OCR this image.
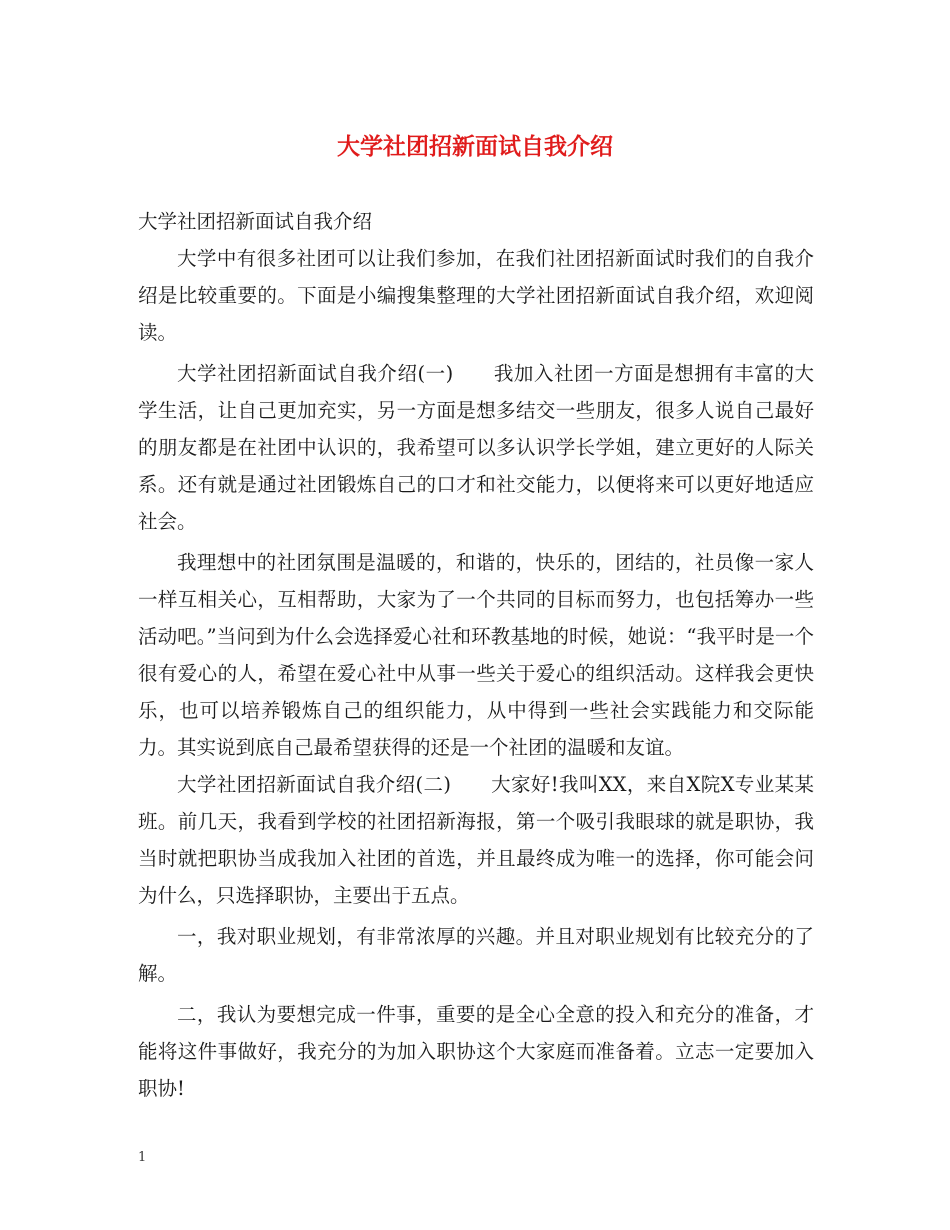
大学社团招新面试自我介绍

大学社团招新面试自我介绍

大学中有很多社团可以让我们参加，在我们社团招新面试时我们的自我介绍是比较重要的。下面是小编搜集整理的大学社团招新面试自我介绍，欢迎阅读。

大学社团招新面试自我介绍(一)　　我加入社团一方面是想拥有丰富的大学生活，让自己更加充实，另一方面是想多结交一些朋友，很多人说自己最好的朋友都是在社团中认识的，我希望可以多认识学长学姐，建立更好的人际关系。还有就是通过社团锻炼自己的口才和社交能力，以便将来可以更好地适应社会。

我理想中的社团氛围是温暖的，和谐的，快乐的，团结的，社员像一家人一样互相关心，互相帮助，大家为了一个共同的目标而努力，也包括筹办一些活动吧。”当问到为什么会选择爱心社和环教基地的时候，她说：“我平时是一个很有爱心的人，希望在爱心社中从事一些关于爱心的组织活动。这样我会更快乐，也可以培养锻炼自己的组织能力，从中得到一些社会实践能力和交际能力。其实说到底自己最希望获得的还是一个社团的温暖和友谊。

大学社团招新面试自我介绍(二)　　大家好!我叫XX，来自X院X专业某某班。前几天，我看到学校的社团招新海报，第一个吸引我眼球的就是职协，我当时就把职协当成我加入社团的首选，并且最终成为唯一的选择，你可能会问为什么，只选择职协，主要出于五点。

一，我对职业规划，有非常浓厚的兴趣。并且对职业规划有比较充分的了解。

二，我认为要想完成一件事，重要的是全心全意的投入和充分的准备，才能将这件事做好，我充分的为加入职协这个大家庭而准备着。立志一定要加入职协!

1
